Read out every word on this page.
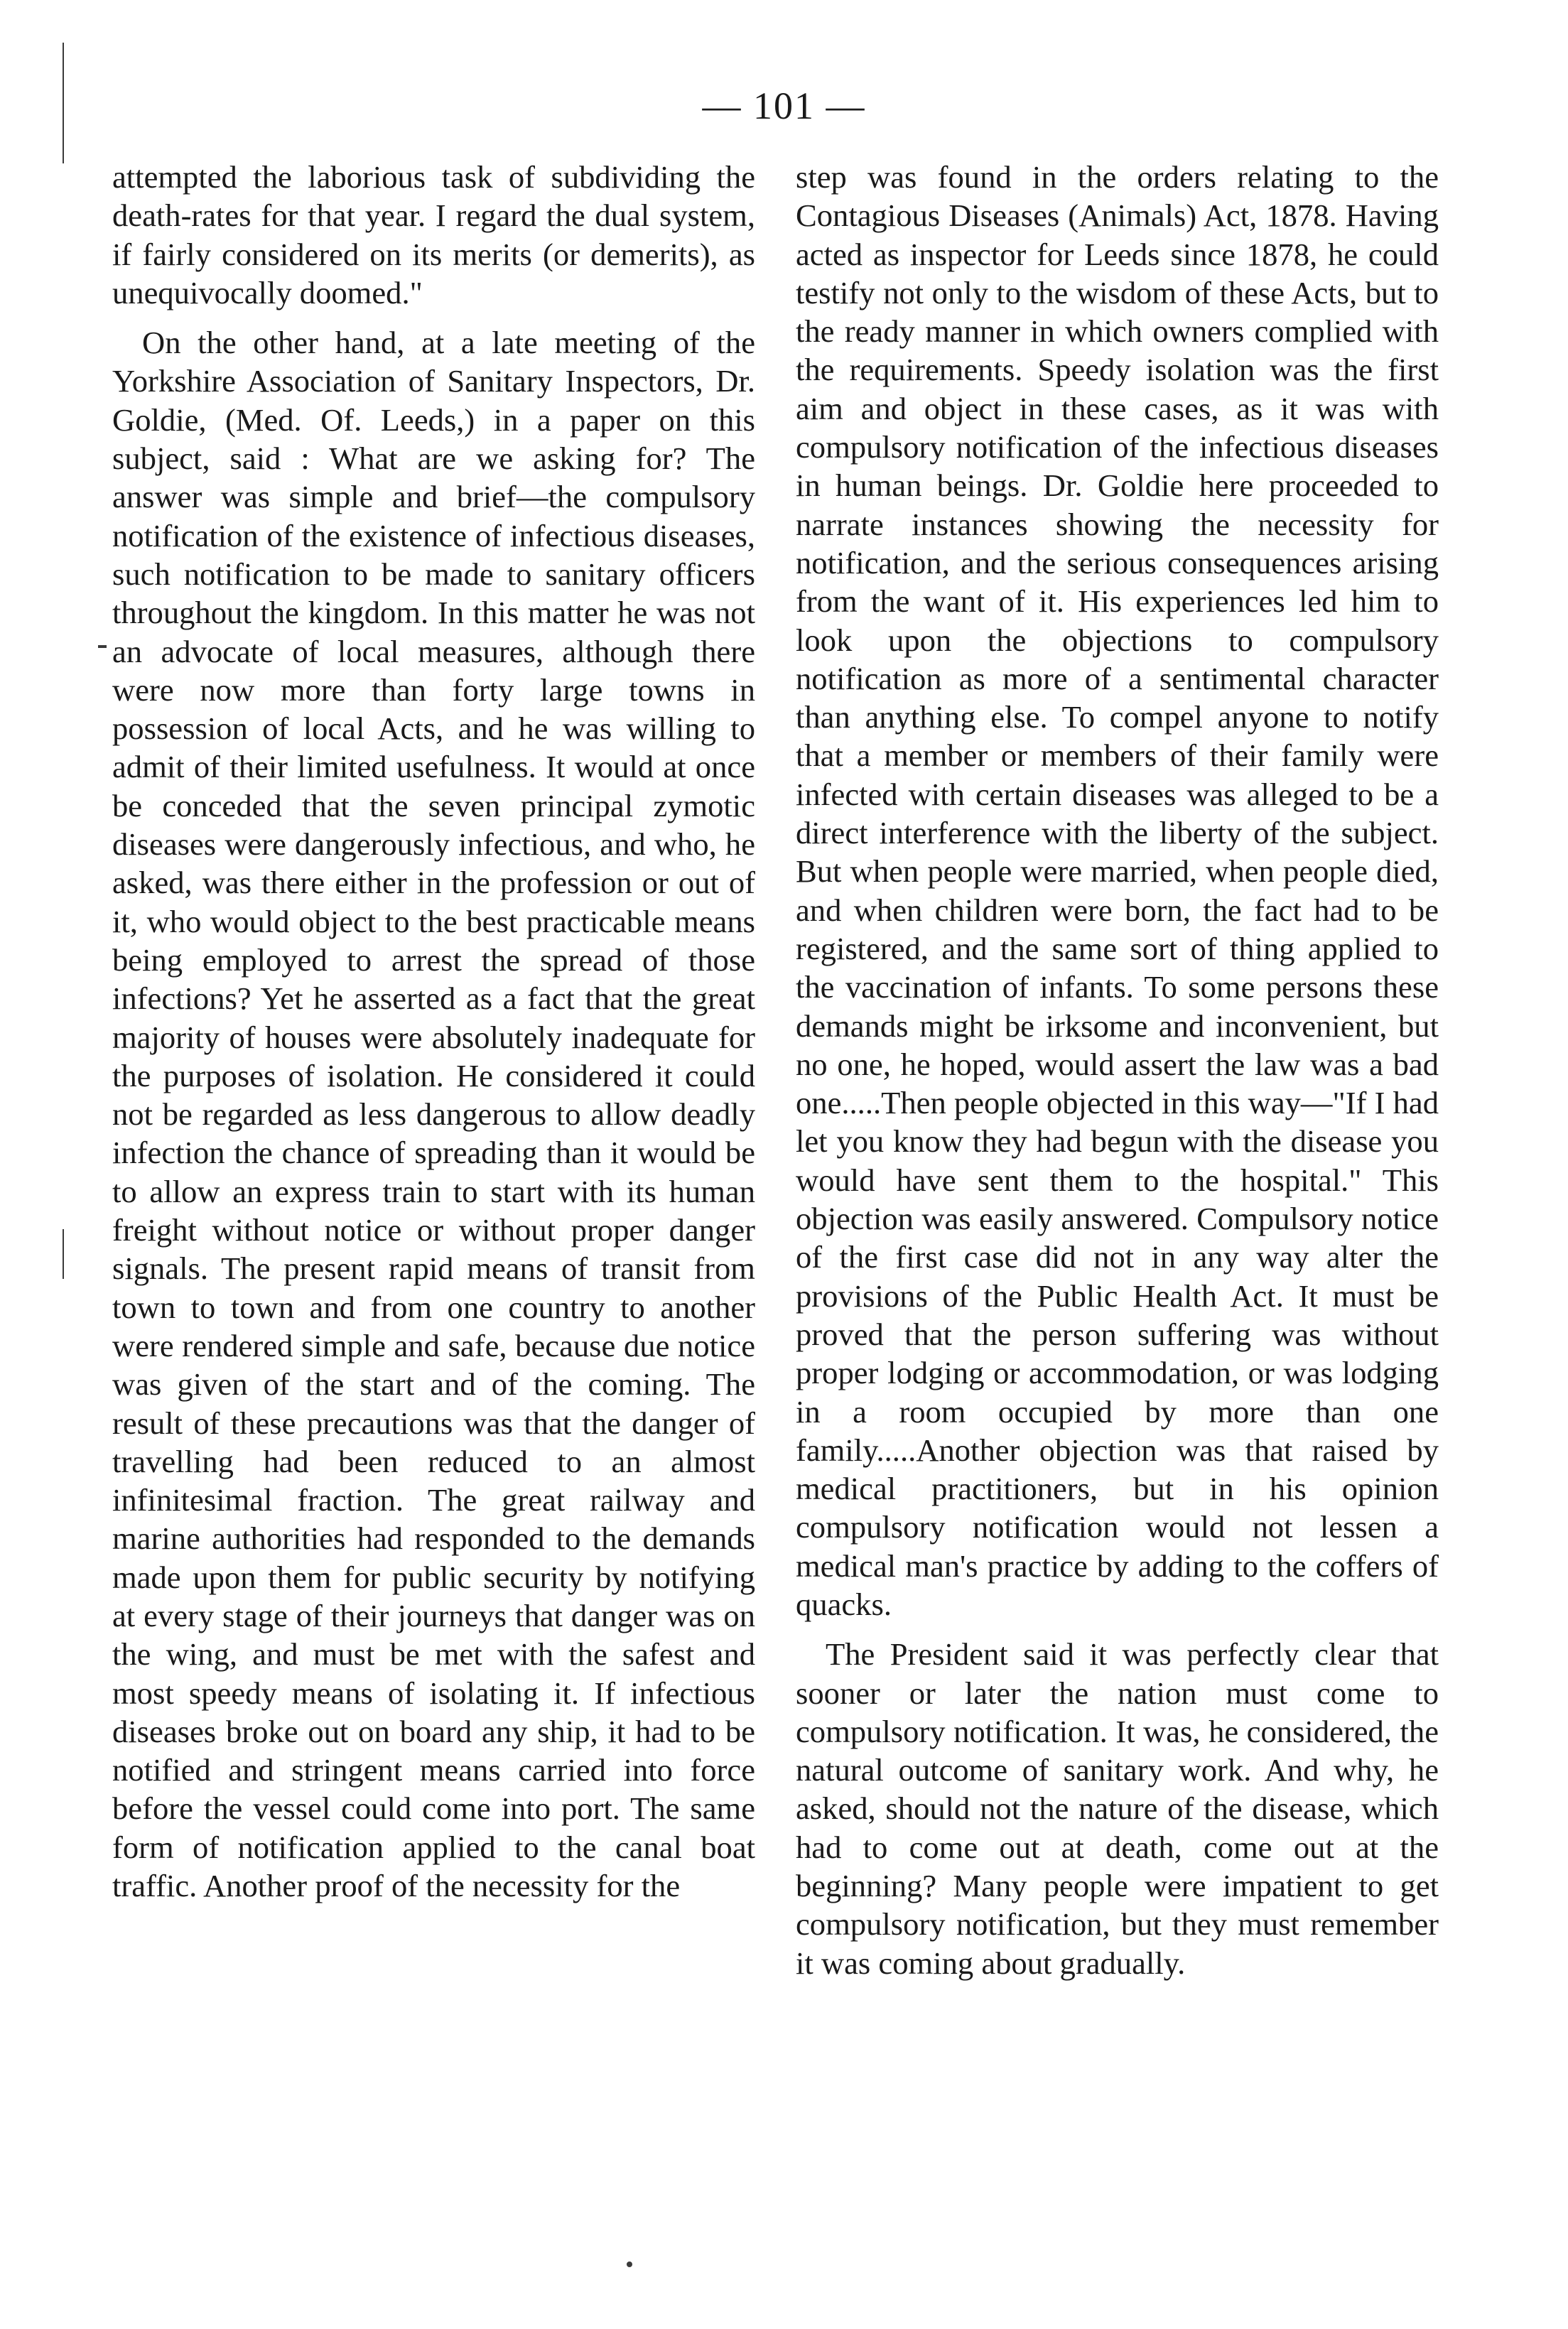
— 101 —

attempted the laborious task of subdividing the death-rates for that year. I regard the dual system, if fairly considered on its merits (or demerits), as unequivocally doomed."

On the other hand, at a late meeting of the Yorkshire Association of Sanitary Inspectors, Dr. Goldie, (Med. Of. Leeds,) in a paper on this subject, said : What are we asking for? The answer was simple and brief—the compulsory notification of the existence of infectious diseases, such notification to be made to sanitary officers throughout the kingdom. In this matter he was not an advocate of local measures, although there were now more than forty large towns in possession of local Acts, and he was willing to admit of their limited usefulness. It would at once be conceded that the seven principal zymotic diseases were dangerously infectious, and who, he asked, was there either in the profession or out of it, who would object to the best practicable means being employed to arrest the spread of those infections? Yet he asserted as a fact that the great majority of houses were absolutely inadequate for the purposes of isolation. He considered it could not be regarded as less dangerous to allow deadly infection the chance of spreading than it would be to allow an express train to start with its human freight without notice or without proper danger signals. The present rapid means of transit from town to town and from one country to another were rendered simple and safe, because due notice was given of the start and of the coming. The result of these precautions was that the danger of travelling had been reduced to an almost infinitesimal fraction. The great railway and marine authorities had responded to the demands made upon them for public security by notifying at every stage of their journeys that danger was on the wing, and must be met with the safest and most speedy means of isolating it. If infectious diseases broke out on board any ship, it had to be notified and stringent means carried into force before the vessel could come into port. The same form of notification applied to the canal boat traffic. Another proof of the necessity for the

step was found in the orders relating to the Contagious Diseases (Animals) Act, 1878. Having acted as inspector for Leeds since 1878, he could testify not only to the wisdom of these Acts, but to the ready manner in which owners complied with the requirements. Speedy isolation was the first aim and object in these cases, as it was with compulsory notification of the infectious diseases in human beings. Dr. Goldie here proceeded to narrate instances showing the necessity for notification, and the serious consequences arising from the want of it. His experiences led him to look upon the objections to compulsory notification as more of a sentimental character than anything else. To compel anyone to notify that a member or members of their family were infected with certain diseases was alleged to be a direct interference with the liberty of the subject. But when people were married, when people died, and when children were born, the fact had to be registered, and the same sort of thing applied to the vaccination of infants. To some persons these demands might be irksome and inconvenient, but no one, he hoped, would assert the law was a bad one.....Then people objected in this way—"If I had let you know they had begun with the disease you would have sent them to the hospital." This objection was easily answered. Compulsory notice of the first case did not in any way alter the provisions of the Public Health Act. It must be proved that the person suffering was without proper lodging or accommodation, or was lodging in a room occupied by more than one family.....Another objection was that raised by medical practitioners, but in his opinion compulsory notification would not lessen a medical man's practice by adding to the coffers of quacks.

The President said it was perfectly clear that sooner or later the nation must come to compulsory notification. It was, he considered, the natural outcome of sanitary work. And why, he asked, should not the nature of the disease, which had to come out at death, come out at the beginning? Many people were impatient to get compulsory notification, but they must remember it was coming about gradually.
